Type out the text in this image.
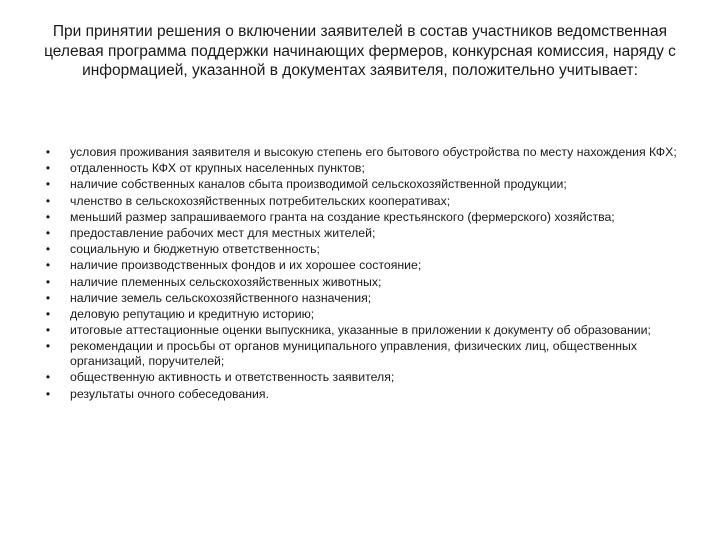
При принятии решения о включении заявителей в состав участников ведомственная целевая программа поддержки начинающих фермеров, конкурсная комиссия, наряду с информацией, указанной в документах заявителя, положительно учитывает:

• условия проживания заявителя и высокую степень его бытового обустройства по месту нахождения КФХ;
• отдаленность КФХ от крупных населенных пунктов;
• наличие собственных каналов сбыта производимой сельскохозяйственной продукции;
• членство в сельскохозяйственных потребительских кооперативах;
• меньший размер запрашиваемого гранта на создание крестьянского (фермерского) хозяйства;
• предоставление рабочих мест для местных жителей;
• социальную и бюджетную ответственность;
• наличие производственных фондов и их хорошее состояние;
• наличие племенных сельскохозяйственных животных;
• наличие земель сельскохозяйственного назначения;
• деловую репутацию и кредитную историю;
• итоговые аттестационные оценки выпускника, указанные в приложении к документу об образовании;
• рекомендации и просьбы от органов муниципального управления, физических лиц, общественных организаций, поручителей;
• общественную активность и ответственность заявителя;
• результаты очного собеседования.
